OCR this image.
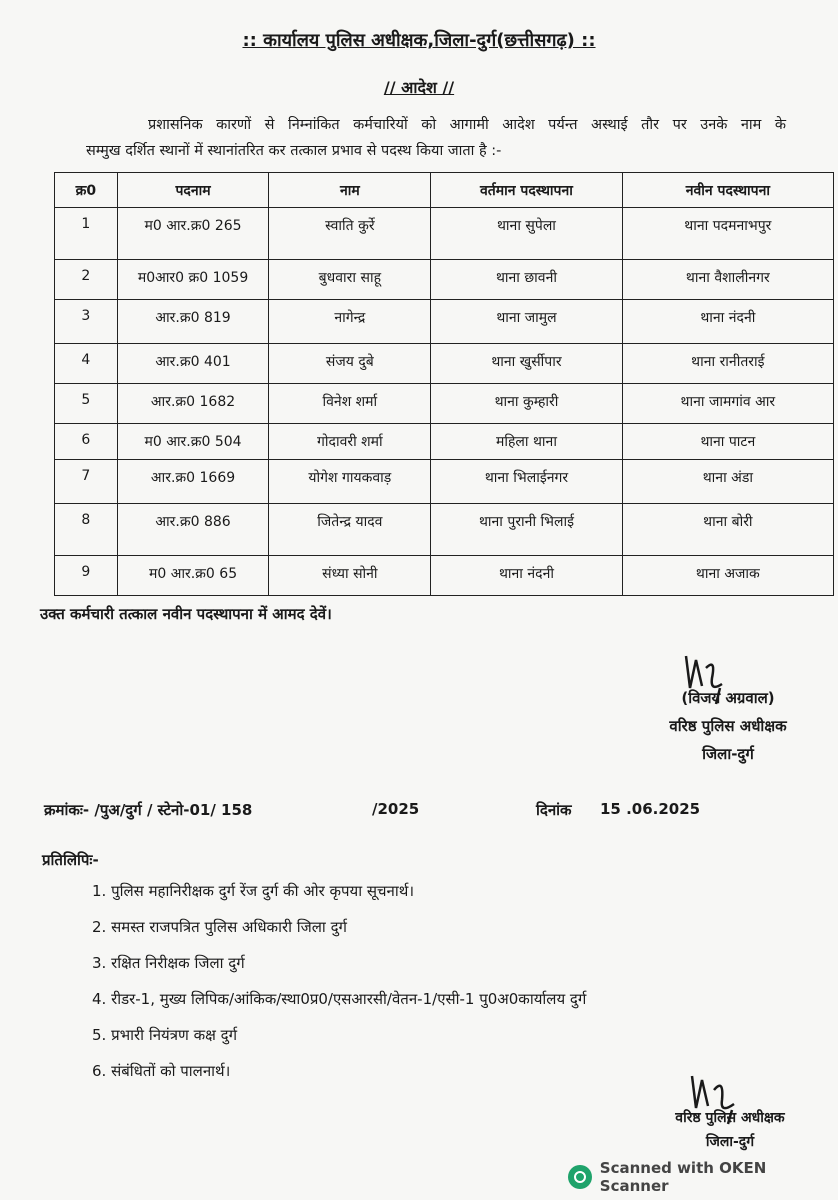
:: कार्यालय पुलिस अधीक्षक,जिला-दुर्ग(छत्तीसगढ़) ::
// आदेश //
प्रशासनिक कारणों से निम्नांकित कर्मचारियों को आगामी आदेश पर्यन्त अस्थाई तौर पर उनके नाम के
सम्मुख दर्शित स्थानों में स्थानांतरित कर तत्काल प्रभाव से पदस्थ किया जाता है :-
क्र0	पदनाम	नाम	वर्तमान पदस्थापना	नवीन पदस्थापना
1	म0 आर.क्र0 265	स्वाति कुर्रे	थाना सुपेला	थाना पदमनाभपुर
2	म0आर0 क्र0 1059	बुधवारा साहू	थाना छावनी	थाना वैशालीनगर
3	आर.क्र0 819	नागेन्द्र	थाना जामुल	थाना नंदनी
4	आर.क्र0 401	संजय दुबे	थाना खुर्सीपार	थाना रानीतराई
5	आर.क्र0 1682	विनेश शर्मा	थाना कुम्हारी	थाना जामगांव आर
6	म0 आर.क्र0 504	गोदावरी शर्मा	महिला थाना	थाना पाटन
7	आर.क्र0 1669	योगेश गायकवाड़	थाना भिलाईनगर	थाना अंडा
8	आर.क्र0 886	जितेन्द्र यादव	थाना पुरानी भिलाई	थाना बोरी
9	म0 आर.क्र0 65	संध्या सोनी	थाना नंदनी	थाना अजाक
उक्त कर्मचारी तत्काल नवीन पदस्थापना में आमद देवें।
(विजय अग्रवाल)
वरिष्ठ पुलिस अधीक्षक
जिला-दुर्ग
क्रमांकः- /पुअ/दुर्ग / स्टेनो-01/ 158	/2025	दिनांक 15 .06.2025
प्रतिलिपिः-
1. पुलिस महानिरीक्षक दुर्ग रेंज दुर्ग की ओर कृपया सूचनार्थ।
2. समस्त राजपत्रित पुलिस अधिकारी जिला दुर्ग
3. रक्षित निरीक्षक जिला दुर्ग
4. रीडर-1, मुख्य लिपिक/आंकिक/स्था0प्र0/एसआरसी/वेतन-1/एसी-1 पु0अ0कार्यालय दुर्ग
5. प्रभारी नियंत्रण कक्ष दुर्ग
6. संबंधितों को पालनार्थ।
वरिष्ठ पुलिस अधीक्षक
जिला-दुर्ग
Scanned with OKEN Scanner
